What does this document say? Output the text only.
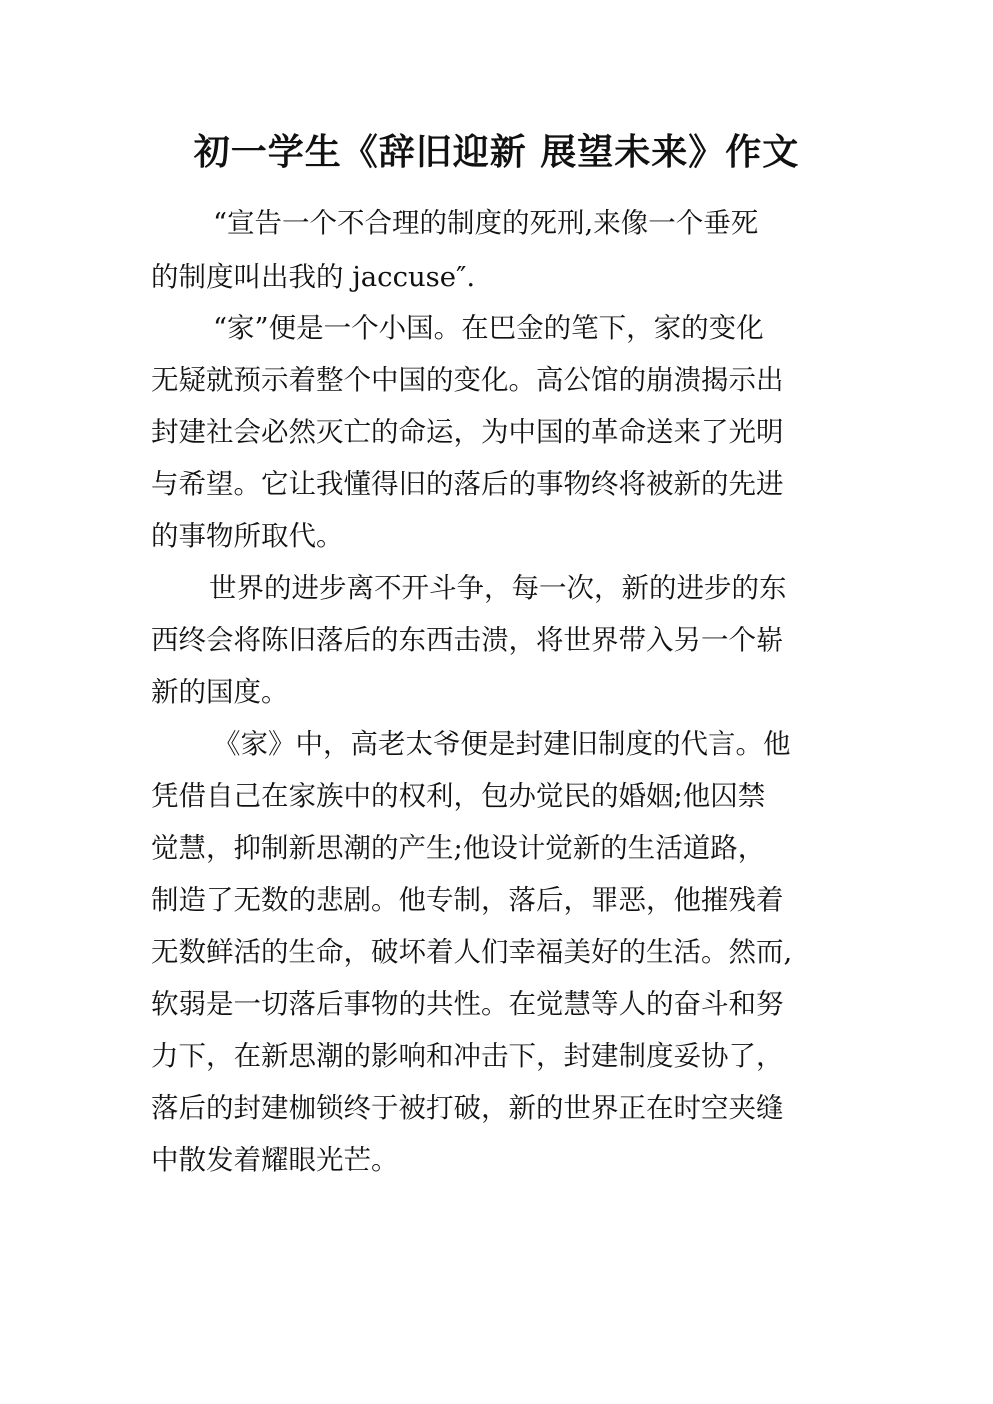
初一学生《辞旧迎新 展望未来》作文
“宣告一个不合理的制度的死刑,来像一个垂死
的制度叫出我的 jaccuse″.
“家”便是一个小国。在巴金的笔下，家的变化
无疑就预示着整个中国的变化。高公馆的崩溃揭示出
封建社会必然灭亡的命运，为中国的革命送来了光明
与希望。它让我懂得旧的落后的事物终将被新的先进
的事物所取代。
世界的进步离不开斗争，每一次，新的进步的东
西终会将陈旧落后的东西击溃，将世界带入另一个崭
新的国度。
《家》中，高老太爷便是封建旧制度的代言。他
凭借自己在家族中的权利，包办觉民的婚姻;他囚禁
觉慧，抑制新思潮的产生;他设计觉新的生活道路，
制造了无数的悲剧。他专制，落后，罪恶，他摧残着
无数鲜活的生命，破坏着人们幸福美好的生活。然而,
软弱是一切落后事物的共性。在觉慧等人的奋斗和努
力下，在新思潮的影响和冲击下，封建制度妥协了，
落后的封建枷锁终于被打破，新的世界正在时空夹缝
中散发着耀眼光芒。
